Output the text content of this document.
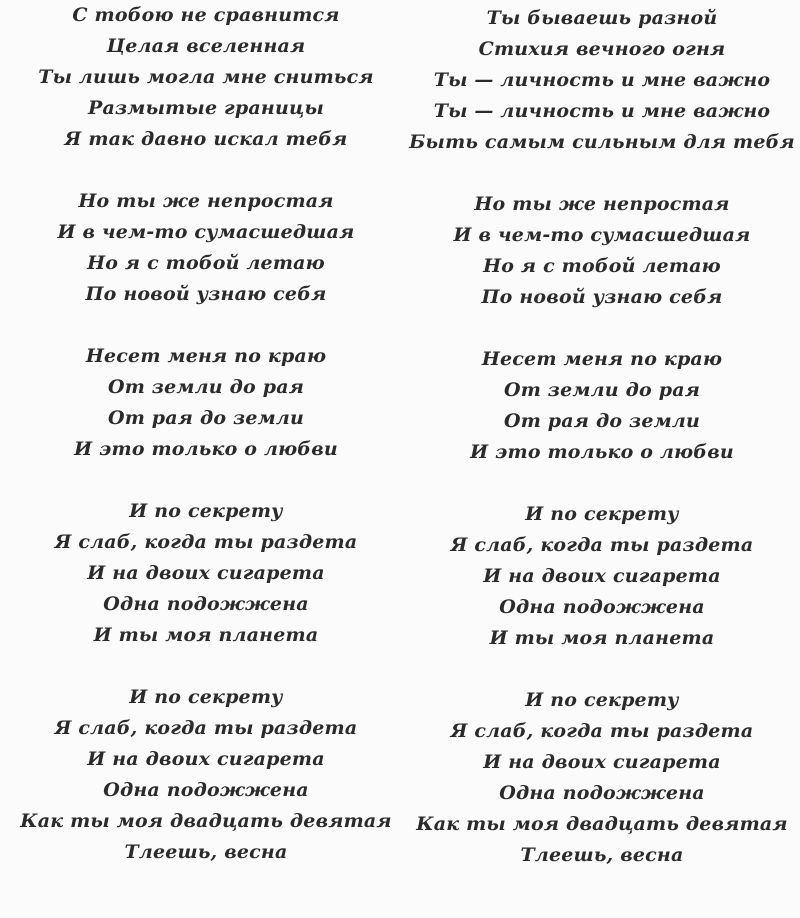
С тобою не сравнится
Целая вселенная
Ты лишь могла мне сниться
Размытые границы
Я так давно искал тебя
Но ты же непростая
И в чем-то сумасшедшая
Но я с тобой летаю
По новой узнаю себя
Несет меня по краю
От земли до рая
От рая до земли
И это только о любви
И по секрету
Я слаб, когда ты раздета
И на двоих сигарета
Одна подожжена
И ты моя планета
И по секрету
Я слаб, когда ты раздета
И на двоих сигарета
Одна подожжена
Как ты моя двадцать девятая
Тлеешь, весна
Ты бываешь разной
Стихия вечного огня
Ты — личность и мне важно
Ты — личность и мне важно
Быть самым сильным для тебя
Но ты же непростая
И в чем-то сумасшедшая
Но я с тобой летаю
По новой узнаю себя
Несет меня по краю
От земли до рая
От рая до земли
И это только о любви
И по секрету
Я слаб, когда ты раздета
И на двоих сигарета
Одна подожжена
И ты моя планета
И по секрету
Я слаб, когда ты раздета
И на двоих сигарета
Одна подожжена
Как ты моя двадцать девятая
Тлеешь, весна
